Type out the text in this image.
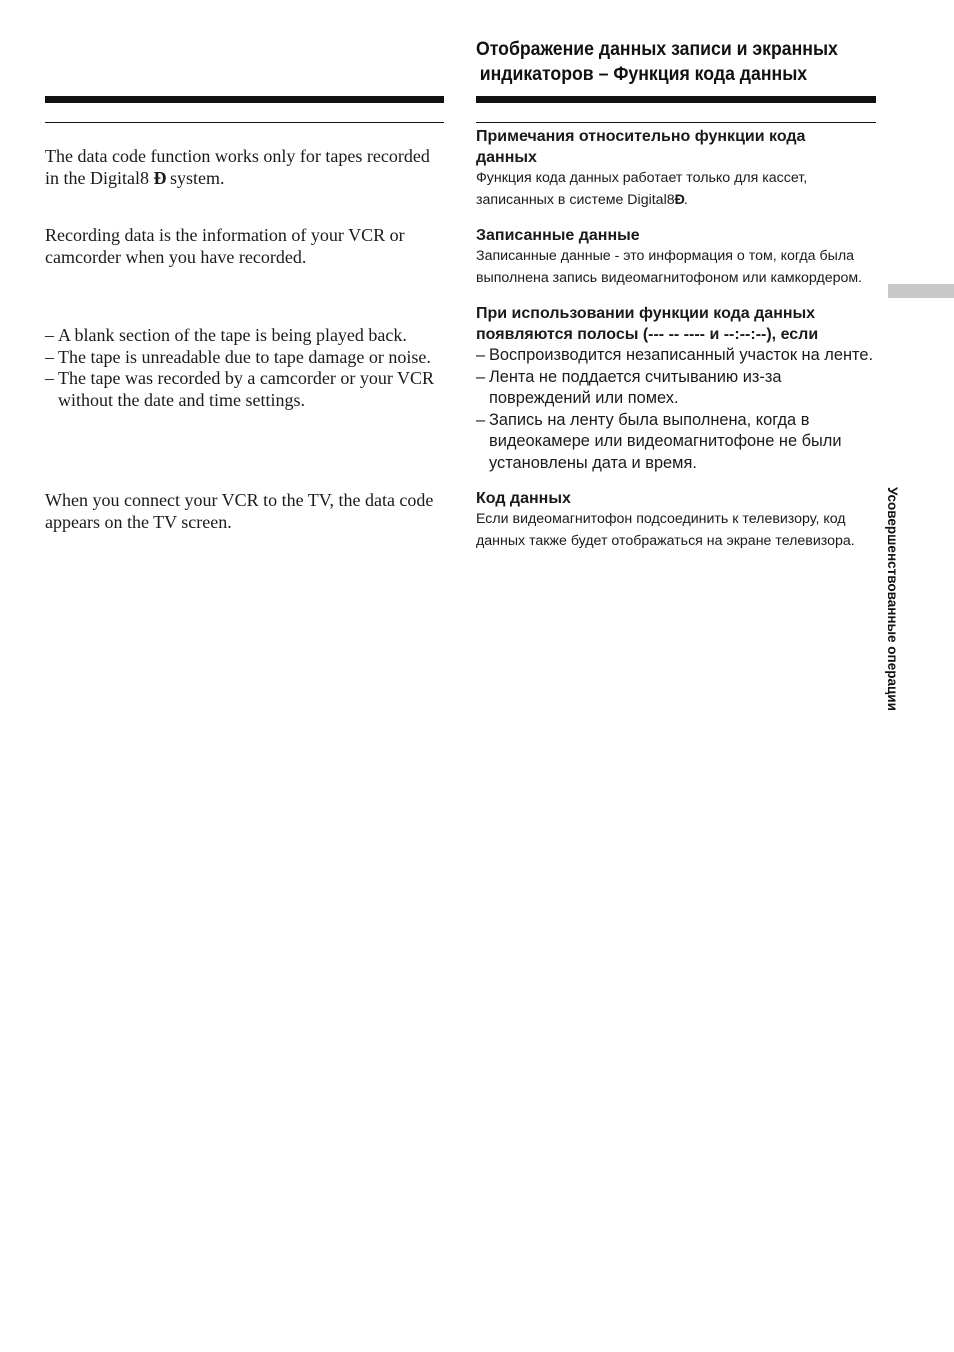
Отображение данных записи и экранных
индикаторов – Функция кода данных

The data code function works only for tapes recorded in the Digital8 Ð system.

Recording data is the information of your VCR or camcorder when you have recorded.

– A blank section of the tape is being played back.
– The tape is unreadable due to tape damage or noise.
– The tape was recorded by a camcorder or your VCR without the date and time settings.

When you connect your VCR to the TV, the data code appears on the TV screen.

Примечания относительно функции кода

данных

Функция кода данных работает только для кассет, записанных в системе Digital8Ð.

Записанные данные

Записанные данные - это информация о том, когда была выполнена запись видеомагнитофоном или камкордером.

При использовании функции кода данных

появляются полосы (--- -- ---- и --:--:--), если

– Воспроизводится незаписанный участок на ленте.
– Лента не поддается считыванию из-за повреждений или помех.
– Запись на ленту была выполнена, когда в видеокамере или видеомагнитофоне не были установлены дата и время.

Код данных

Если видеомагнитофон подсоединить к телевизору, код данных также будет отображаться на экране телевизора.	Усовершенствованные операции
